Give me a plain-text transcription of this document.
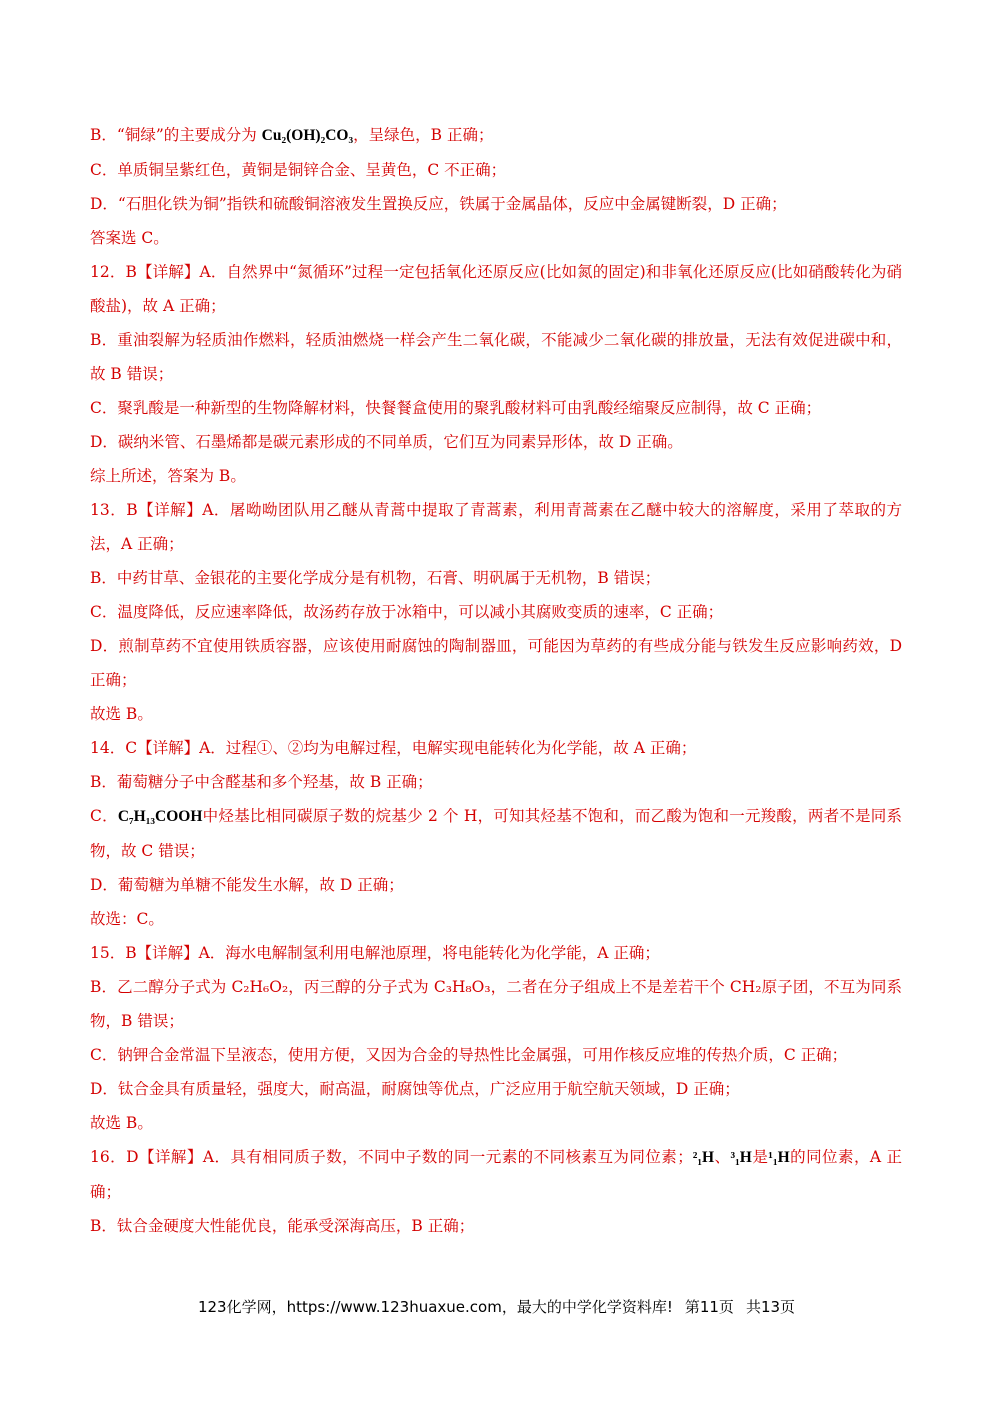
B．“铜绿”的主要成分为 Cu₂(OH)₂CO₃，呈绿色，B 正确；

C．单质铜呈紫红色，黄铜是铜锌合金、呈黄色，C 不正确；

D．“石胆化铁为铜”指铁和硫酸铜溶液发生置换反应，铁属于金属晶体，反应中金属键断裂，D 正确；

答案选 C。

12．B【详解】A．自然界中“氮循环”过程一定包括氧化还原反应(比如氮的固定)和非氧化还原反应(比如硝酸转化为硝酸盐)，故 A 正确；

B．重油裂解为轻质油作燃料，轻质油燃烧一样会产生二氧化碳，不能减少二氧化碳的排放量，无法有效促进碳中和，故 B 错误；

C．聚乳酸是一种新型的生物降解材料，快餐餐盒使用的聚乳酸材料可由乳酸经缩聚反应制得，故 C 正确；

D．碳纳米管、石墨烯都是碳元素形成的不同单质，它们互为同素异形体，故 D 正确。

综上所述，答案为 B。

13．B【详解】A．屠呦呦团队用乙醚从青蒿中提取了青蒿素，利用青蒿素在乙醚中较大的溶解度，采用了萃取的方法，A 正确；

B．中药甘草、金银花的主要化学成分是有机物，石膏、明矾属于无机物，B 错误；

C．温度降低，反应速率降低，故汤药存放于冰箱中，可以减小其腐败变质的速率，C 正确；

D．煎制草药不宜使用铁质容器，应该使用耐腐蚀的陶制器皿，可能因为草药的有些成分能与铁发生反应影响药效，D 正确；

故选 B。

14．C【详解】A．过程①、②均为电解过程，电解实现电能转化为化学能，故 A 正确；

B．葡萄糖分子中含醛基和多个羟基，故 B 正确；

C．C₇H₁₃COOH中烃基比相同碳原子数的烷基少 2 个 H，可知其烃基不饱和，而乙酸为饱和一元羧酸，两者不是同系物，故 C 错误；

D．葡萄糖为单糖不能发生水解，故 D 正确；

故选：C。

15．B【详解】A．海水电解制氢利用电解池原理，将电能转化为化学能，A 正确；

B．乙二醇分子式为 C₂H₆O₂，丙三醇的分子式为 C₃H₈O₃，二者在分子组成上不是差若干个 CH₂原子团，不互为同系物，B 错误；

C．钠钾合金常温下呈液态，使用方便，又因为合金的导热性比金属强，可用作核反应堆的传热介质，C 正确；

D．钛合金具有质量轻，强度大，耐高温，耐腐蚀等优点，广泛应用于航空航天领域，D 正确；

故选 B。

16．D【详解】A．具有相同质子数，不同中子数的同一元素的不同核素互为同位素；²₁H、³₁H是¹₁H的同位素，A 正确；

B．钛合金硬度大性能优良，能承受深海高压，B 正确；

123化学网，https://www.123huaxue.com，最大的中学化学资料库! 第11页 共13页
